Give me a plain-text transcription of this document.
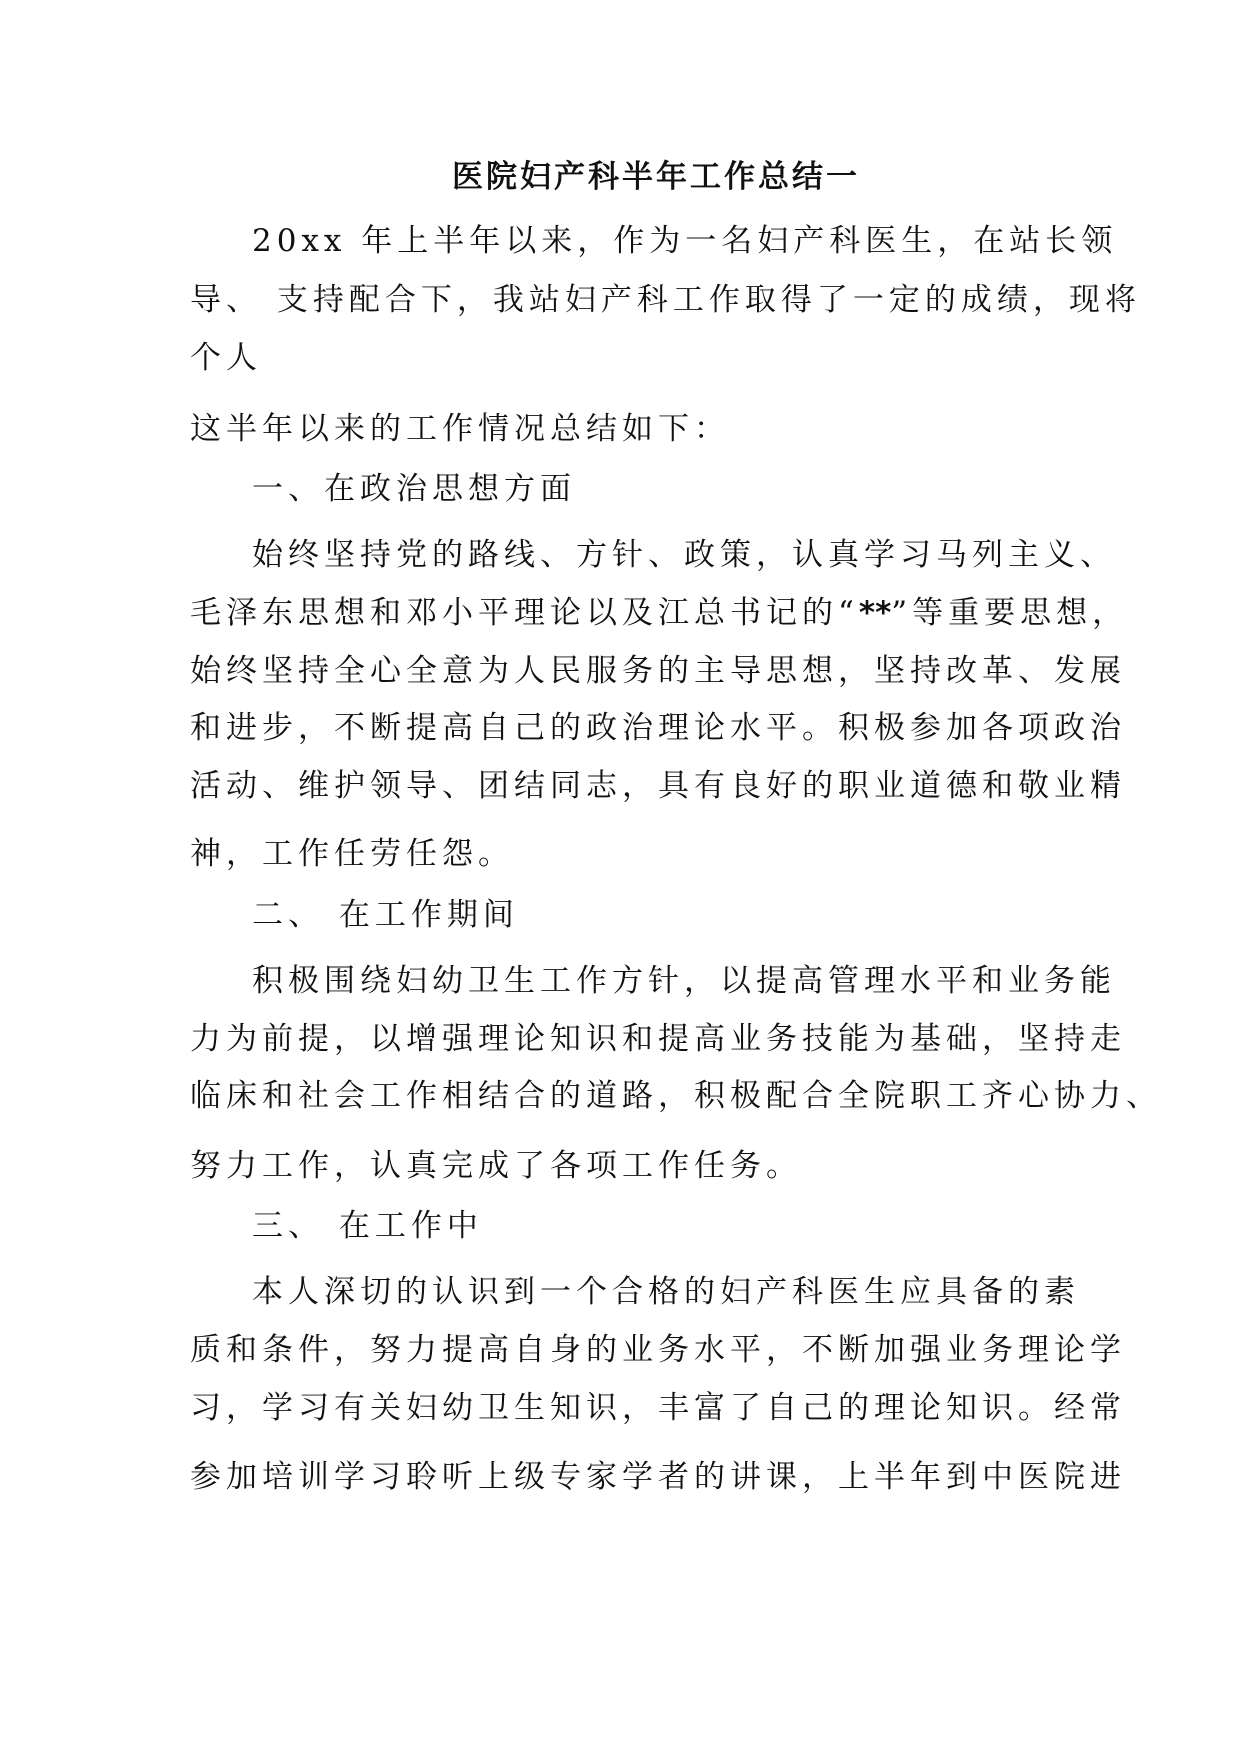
医院妇产科半年工作总结一

20xx 年上半年以来，作为一名妇产科医生，在站长领

导、 支持配合下，我站妇产科工作取得了一定的成绩，现将

个人

这半年以来的工作情况总结如下：

一、在政治思想方面

始终坚持党的路线、方针、政策，认真学习马列主义、

毛泽东思想和邓小平理论以及江总书记的“**”等重要思想，

始终坚持全心全意为人民服务的主导思想，坚持改革、发展

和进步，不断提高自己的政治理论水平。积极参加各项政治

活动、维护领导、团结同志，具有良好的职业道德和敬业精

神，工作任劳任怨。

二、 在工作期间

积极围绕妇幼卫生工作方针，以提高管理水平和业务能

力为前提，以增强理论知识和提高业务技能为基础，坚持走

临床和社会工作相结合的道路，积极配合全院职工齐心协力、

努力工作，认真完成了各项工作任务。

三、 在工作中

本人深切的认识到一个合格的妇产科医生应具备的素

质和条件，努力提高自身的业务水平，不断加强业务理论学

习，学习有关妇幼卫生知识，丰富了自己的理论知识。经常

参加培训学习聆听上级专家学者的讲课，上半年到中医院进
